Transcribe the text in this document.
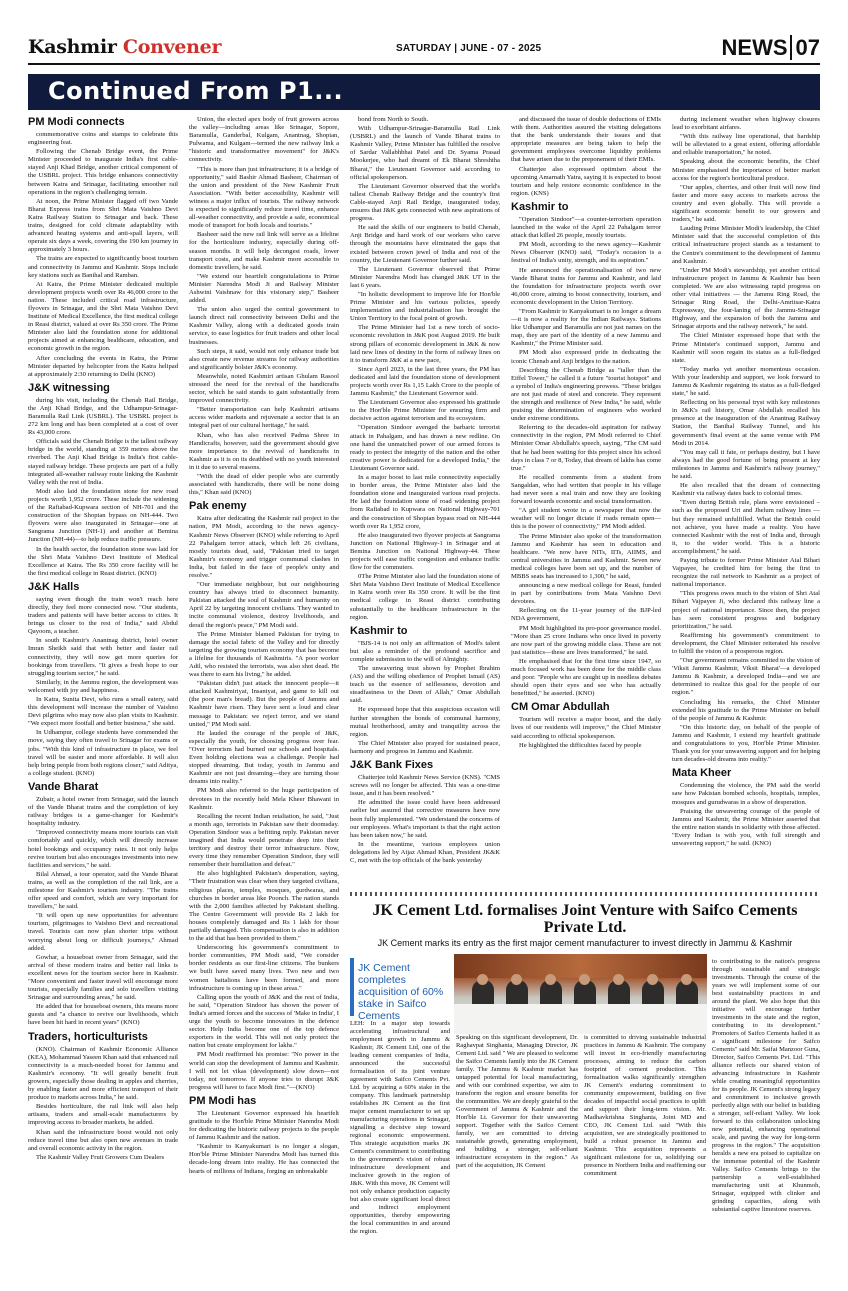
Kashmir Convener	SATURDAY | JUNE - 07 - 2025	NEWS 07
Continued From P1...
PM Modi connects

commemorative coins and stamps to celebrate this engineering feat.

Following the Chenab Bridge event, the Prime Minister proceeded to inaugurate India's first cable-stayed Anji Khad Bridge, another critical component of the USBRL project. This bridge enhances connectivity between Katra and Srinagar, facilitating smoother rail operations in the region's challenging terrain.

At noon, the Prime Minister flagged off two Vande Bharat Express trains from Shri Mata Vaishno Devi Katra Railway Station to Srinagar and back. These trains, designed for cold climate adaptability with advanced heating systems and anti-spall layers, will operate six days a week, covering the 190 km journey in approximately 3 hours.

The trains are expected to significantly boost tourism and connectivity in Jammu and Kashmir. Stops include key stations such as Banihal and Ramban.

At Katra, the Prime Minister dedicated multiple development projects worth over Rs 46,000 crore to the nation. These included critical road infrastructure, flyovers in Srinagar, and the Shri Mata Vaishno Devi Institute of Medical Excellence, the first medical college in Reasi district, valued at over Rs 350 crore. The Prime Minister also laid the foundation stone for additional projects aimed at enhancing healthcare, education, and economic growth in the region.

After concluding the events in Katra, the Prime Minister departed by helicopter from the Katra helipad at approximately 2:30 returning to Delhi (KNO)

J&K witnessing

during his visit, including the Chenab Rail Bridge, the Anji Khad Bridge, and the Udhampur-Srinagar-Baramulla Rail Link (USBRL). The USBRL project is 272 km long and has been completed at a cost of over Rs 43,000 crore.

Officials said the Chenab Bridge is the tallest railway bridge in the world, standing at 359 metres above the riverbed. The Anji Khad Bridge is India's first cable-stayed railway bridge. These projects are part of a fully integrated all-weather railway route linking the Kashmir Valley with the rest of India.

Modi also laid the foundation stone for new road projects worth 1,952 crore. These include the widening of the Rafiabad-Kupwara section of NH-701 and the construction of the Shopian bypass on NH-444. Two flyovers were also inaugurated in Srinagar—one at Sangrama Junction (NH-1) and another at Bemina Junction (NH-44)—to help reduce traffic pressure.

In the health sector, the foundation stone was laid for the Shri Mata Vaishno Devi Institute of Medical Excellence at Katra. The Rs 350 crore facility will be the first medical college in Reasi district. (KNO)

J&K Halls

saying even though the train won't reach here directly, they feel more connected now. "Our students, traders and patients will have better access to cities. It brings us closer to the rest of India," said Abdul Qayoom, a teacher.

In south Kashmir's Anantnag district, hotel owner Imran Sheikh said that with better and faster rail connectivity, they will now get more queries for bookings from travellers. "It gives a fresh hope to our struggling tourism sector," he said.

Similarly, in the Jammu region, the development was welcomed with joy and happiness.

In Katra, Sunita Devi, who runs a small eatery, said this development will increase the number of Vaishno Devi pilgrims who may now also plan visits to Kashmir. "We expect more footfall and better business," she said.

In Udhampur, college students have commended the move, saying they often travel to Srinagar for exams or jobs. "With this kind of infrastructure in place, we feel travel will be easier and more affordable. It will also help bring people from both regions closer," said Aditya, a college student. (KNO)

Vande Bharat

Zubair, a hotel owner from Srinagar, said the launch of the Vande Bharat trains and the completion of key railway bridges is a game-changer for Kashmir's hospitality industry.

"Improved connectivity means more tourists can visit comfortably and quickly, which will directly increase hotel bookings and occupancy rates. It not only helps revive tourism but also encourages investments into new facilities and services," he said.

Bilal Ahmad, a tour operator, said the Vande Bharat trains, as well as the completion of the rail link, are a milestone for Kashmir's tourism industry. "The trains offer speed and comfort, which are very important for travellers," he said.

"It will open up new opportunities for adventure tourism, pilgrimages to Vaishno Devi and recreational travel. Tourists can now plan shorter trips without worrying about long or difficult journeys," Ahmad added.

Gowhar, a houseboat owner from Srinagar, said the arrival of these modern trains and better rail links is excellent news for the tourism sector here in Kashmir. "More convenient and faster travel will encourage more tourists, especially families and solo travellers visiting Srinagar and surrounding areas," he said.

He added that for houseboat owners, this means more guests and "a chance to revive our livelihoods, which have been hit hard in recent years" (KNO)

Traders, horticulturists

(KNO). Chairman of Kashmir Economic Alliance (KEA), Mohammad Yaseen Khan said that enhanced rail connectivity is a much-needed boost for Jammu and Kashmir's economy. "It will greatly benefit fruit growers, especially those dealing in apples and cherries, by enabling faster and more efficient transport of their produce to markets across India," he said.

Besides horticulture, the rail link will also help artisans, traders and small-scale manufacturers by improving access to broader markets, he added.

Khan said the infrastructure boost would not only reduce travel time but also open new avenues in trade and overall economic activity in the region.

The Kashmir Valley Fruit Growers Cum Dealers

Union, the elected apex body of fruit growers across the valley—including areas like Srinagar, Sopore, Baramulla, Ganderbal, Kulgam, Anantnag, Shopian, Pulwama, and Kulgam—termed the new railway link a "historic and transformative movement" for J&K's connectivity.

"This is more than just infrastructure; it is a bridge of opportunity," said Bashir Ahmad Basheer, Chairman of the union and president of the New Kashmir Fruit Association. "With better accessibility, Kashmir will witness a major influx of tourists. The railway network is expected to significantly reduce travel time, enhance all-weather connectivity, and provide a safe, economical mode of transport for both locals and tourists."

Basheer said the new rail link will serve as a lifeline for the horticulture industry, especially during off-season months. It will help decongest roads, lower transport costs, and make Kashmir more accessible to domestic travellers, he said.

"We extend our heartfelt congratulations to Prime Minister Narendra Modi Ji and Railway Minister Ashwini Vaishnaw for this visionary step," Basheer added.

The union also urged the central government to launch direct rail connectivity between Delhi and the Kashmir Valley, along with a dedicated goods train service, to ease logistics for fruit traders and other local businesses.

Such steps, it said, would not only enhance trade but also create new revenue streams for railway authorities and significantly bolster J&K's economy.

Meanwhile, noted Kashmiri artisan Ghulam Rasool stressed the need for the revival of the handicrafts sector, which he said stands to gain substantially from improved connectivity.

"Better transportation can help Kashmiri artisans access wider markets and rejuvenate a sector that is an integral part of our cultural heritage," he said.

Khan, who has also received Padma Shree in Handicrafts, however, said the government should give more importance to the revival of handicrafts in Kashmir as it is on its deathbed with no youth interested in it due to several reasons.

"With the dead of elder people who are currently associated with handicrafts, there will be none doing this," Khan said (KNO)

Pak enemy

Katra after dedicating the Kashmir rail project to the nation, PM Modi, according to the news agency-Kashmir News Observer (KNO) while referring to April 22 Pahalgam terror attack, which left 26 civilians, mostly tourists dead, said, "Pakistan tried to target Kashmir's economy and trigger communal clashes in India, but failed in the face of people's unity and resolve."

"Our immediate neighbour, but our neighbouring country has always tried to disconnect humanity. Pakistan attacked the soul of Kashmir and humanity on April 22 by targeting innocent civilians. They wanted to incite communal violence, destroy livelihoods, and derail the region's peace," PM Modi said.

The Prime Minister blamed Pakistan for trying to damage the social fabric of the Valley and for directly targeting the growing tourism economy that has become a lifeline for thousands of Kashmiris. "A poor worker Adil, who resisted the terrorists, was also shot dead. He was there to earn his living," he added.

"Pakistan didn't just attack the innocent people—it attacked Kashmiriyat, Insaniyat, and game to kill out (the poor man's bread). But the people of Jammu and Kashmir have risen. They have sent a loud and clear message to Pakistan: we reject terror, and we stand united," PM Modi said.

He lauded the courage of the people of J&K, especially the youth, for choosing progress over fear. "Over terrorism had burned our schools and hospitals. Even holding elections was a challenge. People had stopped dreaming. But today, youth in Jammu and Kashmir are not just dreaming—they are turning those dreams into reality."

PM Modi also referred to the huge participation of devotees in the recently held Mela Kheer Bhawani in Kashmir.

Recalling the recent Indian retaliation, he said, "Just a month ago, terrorists in Pakistan saw their doomsday. Operation Sindoor was a befitting reply. Pakistan never imagined that India would penetrate deep into their territory and destroy their terror infrastructure. Now, every time they remember Operation Sindoor, they will remember their humiliation and defeat."

He also highlighted Pakistan's desperation, saying, "Their frustration was clear when they targeted civilians, religious places, temples, mosques, gurdwaras, and churches in border areas like Poonch. The nation stands with the 2,000 families affected by Pakistani shelling. The Centre Government will provide Rs 2 lakh for houses completely damaged and Rs 1 lakh for those partially damaged. This compensation is also in addition to the aid that has been provided to them."

Underscoring his government's commitment to border communities, PM Modi said, "We consider border residents as our first-line citizens. The bunkers we built have saved many lives. Two new and two women battalions have been formed, and more infrastructure is coming up in these areas."

Calling upon the youth of J&K and the rest of India, he said, "Operation Sindoor has shown the power of India's armed forces and the success of 'Make in India', I urge the youth to become innovators in the defence sector. Help India become one of the top defence exporters in the world. This will not only protect the nation but create employment for lakhs."

PM Modi reaffirmed his promise: "No power in the world can stop the development of Jammu and Kashmir. I will not let vikas (development) slow down—not today, not tomorrow. If anyone tries to disrupt J&K progress will have to face Modi first."—(KNO)

PM Modi has

The Lieutenant Governor expressed his heartfelt gratitude to the Hon'ble Prime Minister Narendra Modi for dedicating the historic railway projects to the people of Jammu Kashmir and the nation.

"Kashmir to Kanyakumari is no longer a slogan, Hon'ble Prime Minister Narendra Modi has turned this decade-long dream into reality. He has connected the hearts of millions of Indians, forging an unbreakable

bond from North to South.

With Udhampur-Srinagar-Baramulla Rail Link (USBRL) and the launch of Vande Bharat trains to Kashmir Valley, Prime Minister has fulfilled the resolve of Sardar Vallabhbhai Patel and Dr. Syama Prasad Mookerjee, who had dreamt of Ek Bharat Shreshtha Bharat," the Lieutenant Governor said according to official spokesperson.

The Lieutenant Governor observed that the world's tallest Chenab Railway Bridge and the country's first Cable-stayed Anji Rail Bridge, inaugurated today, ensures that J&K gets connected with new aspirations of progress.

He said the skills of our engineers to build Chenab, Anji Bridge and hard work of our workers who carve through the mountains have eliminated the gaps that existed between crown jewel of India and rest of the country, the Lieutenant Governor further said.

The Lieutenant Governor observed that Prime Minister Narendra Modi has changed J&K UT in the last 6 years.

"In holistic development to improve life for Hon'ble Prime Minister and his various policies, speedy implementation and industrialisation has brought the Union Territory to the focal point of growth.

The Prime Minister had 1st a new torch of socio-economic revolution in J&K post August 2019. He built strong pillars of economic development in J&K & now laid new lines of destiny in the form of railway lines on it to transform J&K at a new pace,

Since April 2023, in the last three years, the PM has dedicated and laid the foundation stone of development projects worth over Rs 1,15 Lakh Crore to the people of Jammu Kashmir," the Lieutenant Governor said.

The Lieutenant Governor also expressed his gratitude to the Hon'ble Prime Minister for ensuring firm and decisive action against terrorism and its ecosystem.

"Operation Sindoor avenged the barbaric terrorist attack in Pahalgam, and has drawn a new redline. On one hand the unmatched power of our armed forces is ready to protect the integrity of the nation and the other creative power is dedicated for a developed India," the Lieutenant Governor said.

In a major boost to last mile connectivity especially in border areas, the Prime Minister also laid the foundation stone and inaugurated various road projects. He laid the foundation stone of road widening project from Rafiabad to Kupwara on National Highway-701 and the construction of Shopian bypass road on NH-444 worth over Rs 1,952 crore,

He also inaugurated two flyover projects at Sangrama Junction on National Highway-1 in Srinagar and at Bemina Junction on National Highway-44. These projects will ease traffic congestion and enhance traffic flow for the commuters.

0The Prime Minister also laid the foundation stone of Shri Mata Vaishno Devi Institute of Medical Excellence in Katra worth over Rs 350 crore. It will be the first medical college in Reasi district contributing substantially to the healthcare infrastructure in the region.

Kashmir to

"BJS-14 is not only an affirmation of Modi's talent but also a reminder of the profound sacrifice and complete submission to the will of Almighty.

The unwavering trust shown by Prophet Ibrahim (AS) and the willing obedience of Prophet Ismail (AS) teach us the essence of selflessness, devotion and steadfastness to the Deen of Allah," Omar Abdullah said.

He expressed hope that this auspicious occasion will further strengthen the bonds of communal harmony, mutual brotherhood, amity and tranquility across the region.

The Chief Minister also prayed for sustained peace, harmony and progress in Jammu and Kashmir.

J&K Bank Fixes

Chatterjee told Kashmir News Service (KNS). "CMS screws will no longer be affected. This was a one-time issue, and it has been resolved."

He admitted the issue could have been addressed earlier but assured that corrective measures have now been fully implemented. "We understand the concerns of our employees. What's important is that the right action has been taken now," he said.

In the meantime, various employees union delegations led by Aijaz Ahmad Khan, President JK&K C, met with the top officials of the bank yesterday

and discussed the issue of double deductions of EMIs with them. Authorities assured the visiting delegations that the bank understands their issues and that appropriate measures are being taken to help the government employees overcome liquidity problems that have arisen due to the preponement of their EMIs.

Chatterjee also expressed optimism about the upcoming Amarnath Yatra, saying it is expected to boost tourism and help restore economic confidence in the region. (KNS)

Kashmir to

"Operation Sindoor"—a counter-terrorism operation launched in the wake of the April 22 Pahalgam terror attack that killed 26 people, mostly tourists.

PM Modi, according to the news agency—Kashmir News Observer (KNO) said, "Today's occasion is a festival of India's unity, strength, and its aspiration."

He announced the operationalisation of two new Vande Bharat trains for Jammu and Kashmir, and laid the foundation for infrastructure projects worth over 46,000 crore, aiming to boost connectivity, tourism, and economic development in the Union Territory.

"From Kashmir to Kanyakumari is no longer a dream—it is now a reality for the Indian Railways. Stations like Udhampur and Baramulla are not just names on the map, they are part of the identity of a new Jammu and Kashmir," the Prime Minister said.

PM Modi also expressed pride in dedicating the iconic Chenab and Anji bridges to the nation.

Describing the Chenab Bridge as "taller than the Eiffel Tower," he called it a future "tourist hotspot" and a symbol of India's engineering prowess. "These bridges are not just made of steel and concrete. They represent the strength and resilience of New India," he said, while praising the determination of engineers who worked under extreme conditions.

Referring to the decades-old aspiration for railway connectivity in the region, PM Modi referred to Chief Minister Omar Abdullah's speech, saying, "The CM said that he had been waiting for this project since his school days in class 7 or 8, Today, that dream of lakhs has come true."

He recalled comments from a student from Sangaldan, who had written that people in his village had never seen a real train and now they are looking forward towards economic and social transformation.

"A girl student wrote in a newspaper that now the weather will no longer dictate if roads remain open—this is the power of connectivity," PM Modi added.

The Prime Minister also spoke of the transformation Jammu and Kashmir has seen in education and healthcare. "We now have NITs, IITs, AIIMS, and central universities in Jammu and Kashmir. Seven new medical colleges have been set up, and the number of MBBS seats has increased to 1,300," he said,

announcing a new medical college for Reasi, funded in part by contributions from Mata Vaishno Devi devotees.

Reflecting on the 11-year journey of the BJP-led NDA government,

PM Modi highlighted its pro-poor governance model. "More than 25 crore Indians who once lived in poverty are now part of the growing middle class. These are not just statistics—these are lives transformed," he said.

He emphasised that for the first time since 1947, so much focused work has been done for the middle class and poor. "People who are caught up in needless debates should open their eyes and see who has actually benefitted," he asserted. (KNO)

CM Omar Abdullah

Tourism will receive a major boost, and the daily lives of our residents will improve," the Chief Minister said according to official spokesperson.

He highlighted the difficulties faced by people

during inclement weather when highway closures lead to exorbitant airfares.

"With this railway line operational, that hardship will be alleviated to a great extent, offering affordable and reliable transportation," he noted.

Speaking about the economic benefits, the Chief Minister emphasised the importance of better market access for the region's horticultural produce.

"Our apples, cherries, and other fruit will now find faster and more easy access to markets across the country and even globally. This will provide a significant economic benefit to our growers and traders," he said.

Lauding Prime Minister Modi's leadership, the Chief Minister said that the successful completion of this critical infrastructure project stands as a testament to the Centre's commitment to the development of Jammu and Kashmir.

"Under PM Modi's stewardship, yet another critical infrastructure project in Jammu & Kashmir has been completed. We are also witnessing rapid progress on other vital initiatives — the Jammu Ring Road, the Srinagar Ring Road, the Delhi-Amritsar-Katra Expressway, the four-laning of the Jammu-Srinagar Highway, and the expansion of both the Jammu and Srinagar airports and the railway network," he said.

The Chief Minister expressed hope that with the Prime Minister's continued support, Jammu and Kashmir will soon regain its status as a full-fledged state.

"Today marks yet another momentous occasion. With your leadership and support, we look forward to Jammu & Kashmir regaining its status as a full-fledged state," he said.

Reflecting on his personal tryst with key milestones in J&K's rail history, Omar Abdullah recalled his presence at the inauguration of the Anantnag Railway Station, the Banihal Railway Tunnel, and his government's final event at the same venue with PM Modi in 2014.

"You may call it fate, or perhaps destiny, but I have always had the good fortune of being present at key milestones in Jammu and Kashmir's railway journey," he said.

He also recalled that the dream of connecting Kashmir via railway dates back to colonial times.

"Even during British rule, plans were envisioned – such as the proposed Uri and Jhelum railway lines — but they remained unfulfilled. What the British could not achieve, you have made a reality. You have connected Kashmir with the rest of India and, through it, to the wider world. This is a historic accomplishment," he said.

Paying tribute to former Prime Minister Atal Bihari Vajpayee, he credited him for being the first to recognize the rail network to Kashmir as a project of national importance.

"This progress owes much to the vision of Shri Atal Bihari Vajpayee Ji, who declared this railway line a project of national importance. Since then, the project has seen consistent progress and budgetary prioritization," he said.

Reaffirming his government's commitment to development, the Chief Minister reiterated his resolve to fulfill the vision of a prosperous region.

"Our government remains committed to the vision of 'Viksit Jammu Kashmir, Viksit Bharat'—a developed Jammu & Kashmir, a developed India—and we are determined to realize this goal for the people of our region."

Concluding his remarks, the Chief Minister extended his gratitude to the Prime Minister on behalf of the people of Jammu & Kashmir.

"On this historic day, on behalf of the people of Jammu and Kashmir, I extend my heartfelt gratitude and congratulations to you, Hon'ble Prime Minister. Thank you for your unwavering support and for helping turn decades-old dreams into reality."

Mata Kheer

Condemning the violence, the PM said the world saw how Pakistan bombed schools, hospitals, temples, mosques and gurudwaras in a show of desperation.

Praising the unwavering courage of the people of Jammu and Kashmir, the Prime Minister asserted that the entire nation stands in solidarity with those affected. "Every Indian is with you, with full strength and unwavering support," he said. (KNO)

JK Cement Ltd. formalises Joint Venture with Saifco Cements Private Ltd.
JK Cement marks its entry as the first major cement manufacturer to invest directly in Jammu & Kashmir
JK Cement completes acquisition of 60% stake in Saifco Cements

LEH: In a major step towards accelerating infrastructural and employment growth in Jammu & Kashmir, JK Cement Ltd, one of the leading cement companies of India, announced the successful formalisation of its joint venture agreement with Saifco Cements Pvt. Ltd. by acquiring a 60% stake in the company. This landmark partnership establishes JK Cement as the first major cement manufacturer to set up manufacturing operations in Srinagar, signalling a decisive step toward regional economic empowerment. This strategic acquisition marks JK Cement's commitment to contributing to the government's vision of robust infrastructure development and inclusive growth in the region of J&K. With this move, JK Cement will not only enhance production capacity but also create significant local direct and indirect employment opportunities, thereby empowering the local communities in and around the region.

Speaking on this significant development, Dr. Raghavpat Singhania, Managing Director, JK Cement Ltd. said " We are pleased to welcome the Saifco Cements family into the JK Cement family. The Jammu & Kashmir market has untapped potential for local manufacturing, and with our combined expertise, we aim to transform the region and ensure benefits for the communities. We are deeply grateful to the Government of Jammu & Kashmir and the Hon'ble Lt. Governor for their unwavering support. Together with the Saifco Cement family, we are committed to driving sustainable growth, generating employment, and building a stronger, self-reliant infrastructure ecosystem in the region." As part of the acquisition, JK Cement

is committed to driving sustainable industrial practices in Jammu & Kashmir. The company will invest in eco-friendly manufacturing processes, aiming to reduce the carbon footprint of cement production. This formalisation walks significantly strengthen JK Cement's enduring commitment to community empowerment, building on five decades of impactful social practices to uplift and support their long-term vision. Mr. Madhavkrishna Singhania, Joint MD and CEO, JK Cement Ltd. said "With this acquisition, we are strategically positioned to build a robust presence in Jammu and Kashmir. This acquisition represents a significant milestone for us, solidifying our presence in Northern India and reaffirming our commitment

to contributing to the nation's progress through sustainable and strategic investments. Through the course of the years we will implement some of our best sustainability practices in and around the plant. We also hope that this initiative will encourage further investments in the state and the region, contributing to its development." Promoters of Saifco Cements hailed it as a significant milestone for Saifco Cements" said Mr. Saifai Manzoor Guna, Director, Saifco Cements Pvt. Ltd. "This alliance reflects our shared vision of advancing infrastructure in Kashmir while creating meaningful opportunities for its people. JK Cement's strong legacy and commitment to inclusive growth perfectly align with our belief in building a stronger, self-reliant Valley. We look forward to this collaboration unlocking new potential, enhancing operational scale, and paving the way for long-term progress in the region." The acquisition heralds a new era poised to capitalize on the immense potential of the Kashmir Valley. Saifco Cements brings to the partnership a well-established manufacturing unit at Khunmoh, Srinagar, equipped with clinker and grinding capacities, along with substantial captive limestone reserves.
